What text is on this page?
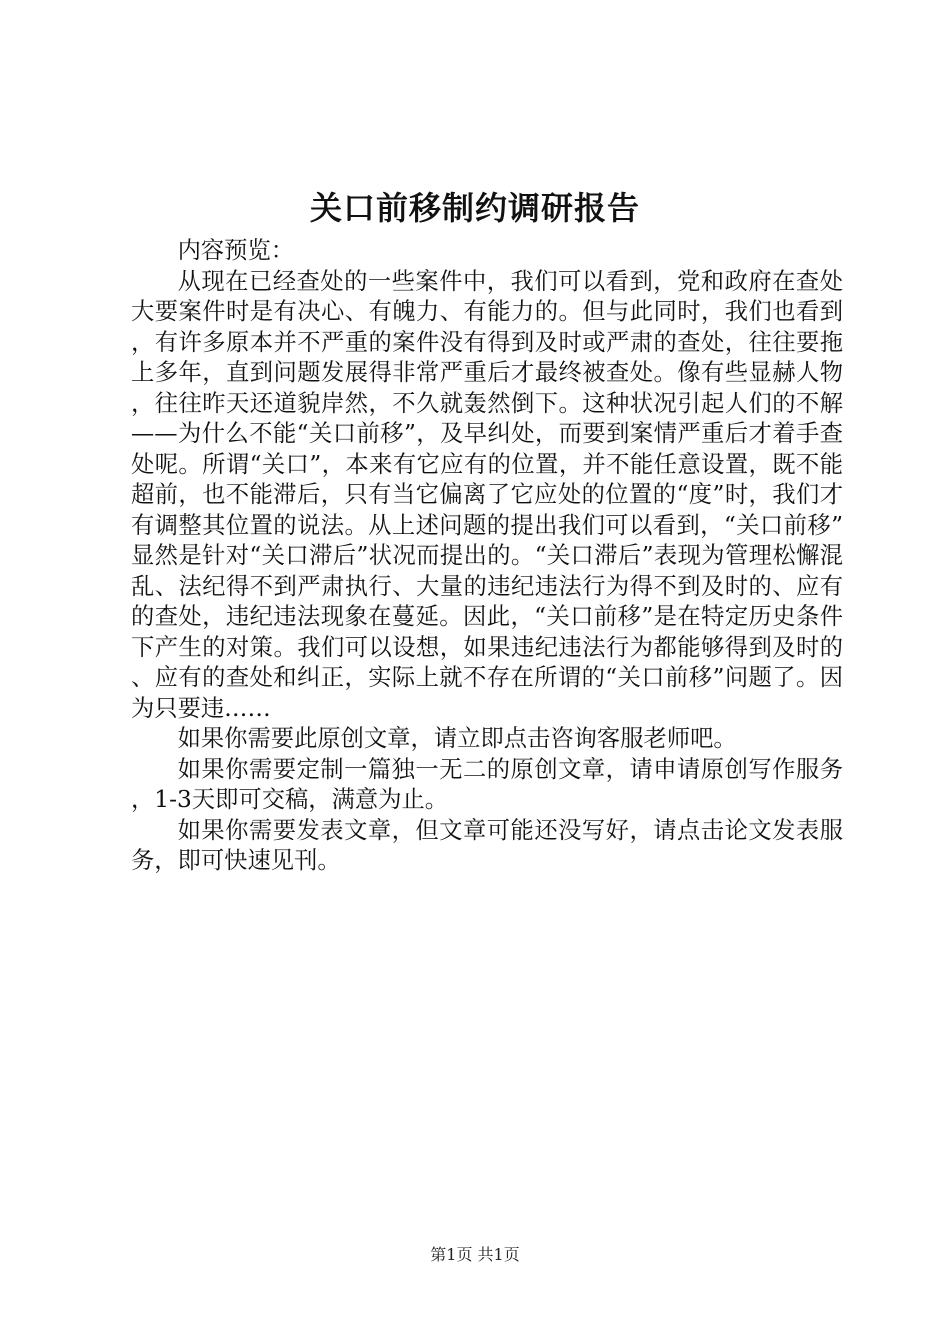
关口前移制约调研报告

内容预览：

从现在已经查处的一些案件中，我们可以看到，党和政府在查处大要案件时是有决心、有魄力、有能力的。但与此同时，我们也看到，有许多原本并不严重的案件没有得到及时或严肃的查处，往往要拖上多年，直到问题发展得非常严重后才最终被查处。像有些显赫人物，往往昨天还道貌岸然，不久就轰然倒下。这种状况引起人们的不解——为什么不能“关口前移”，及早纠处，而要到案情严重后才着手查处呢。所谓“关口”，本来有它应有的位置，并不能任意设置，既不能超前，也不能滞后，只有当它偏离了它应处的位置的“度”时，我们才有调整其位置的说法。从上述问题的提出我们可以看到，“关口前移”显然是针对“关口滞后”状况而提出的。“关口滞后”表现为管理松懈混乱、法纪得不到严肃执行、大量的违纪违法行为得不到及时的、应有的查处，违纪违法现象在蔓延。因此，“关口前移”是在特定历史条件下产生的对策。我们可以设想，如果违纪违法行为都能够得到及时的、应有的查处和纠正，实际上就不存在所谓的“关口前移”问题了。因为只要违……

如果你需要此原创文章，请立即点击咨询客服老师吧。

如果你需要定制一篇独一无二的原创文章，请申请原创写作服务，1-3天即可交稿，满意为止。

如果你需要发表文章，但文章可能还没写好，请点击论文发表服务，即可快速见刊。

第1页 共1页
